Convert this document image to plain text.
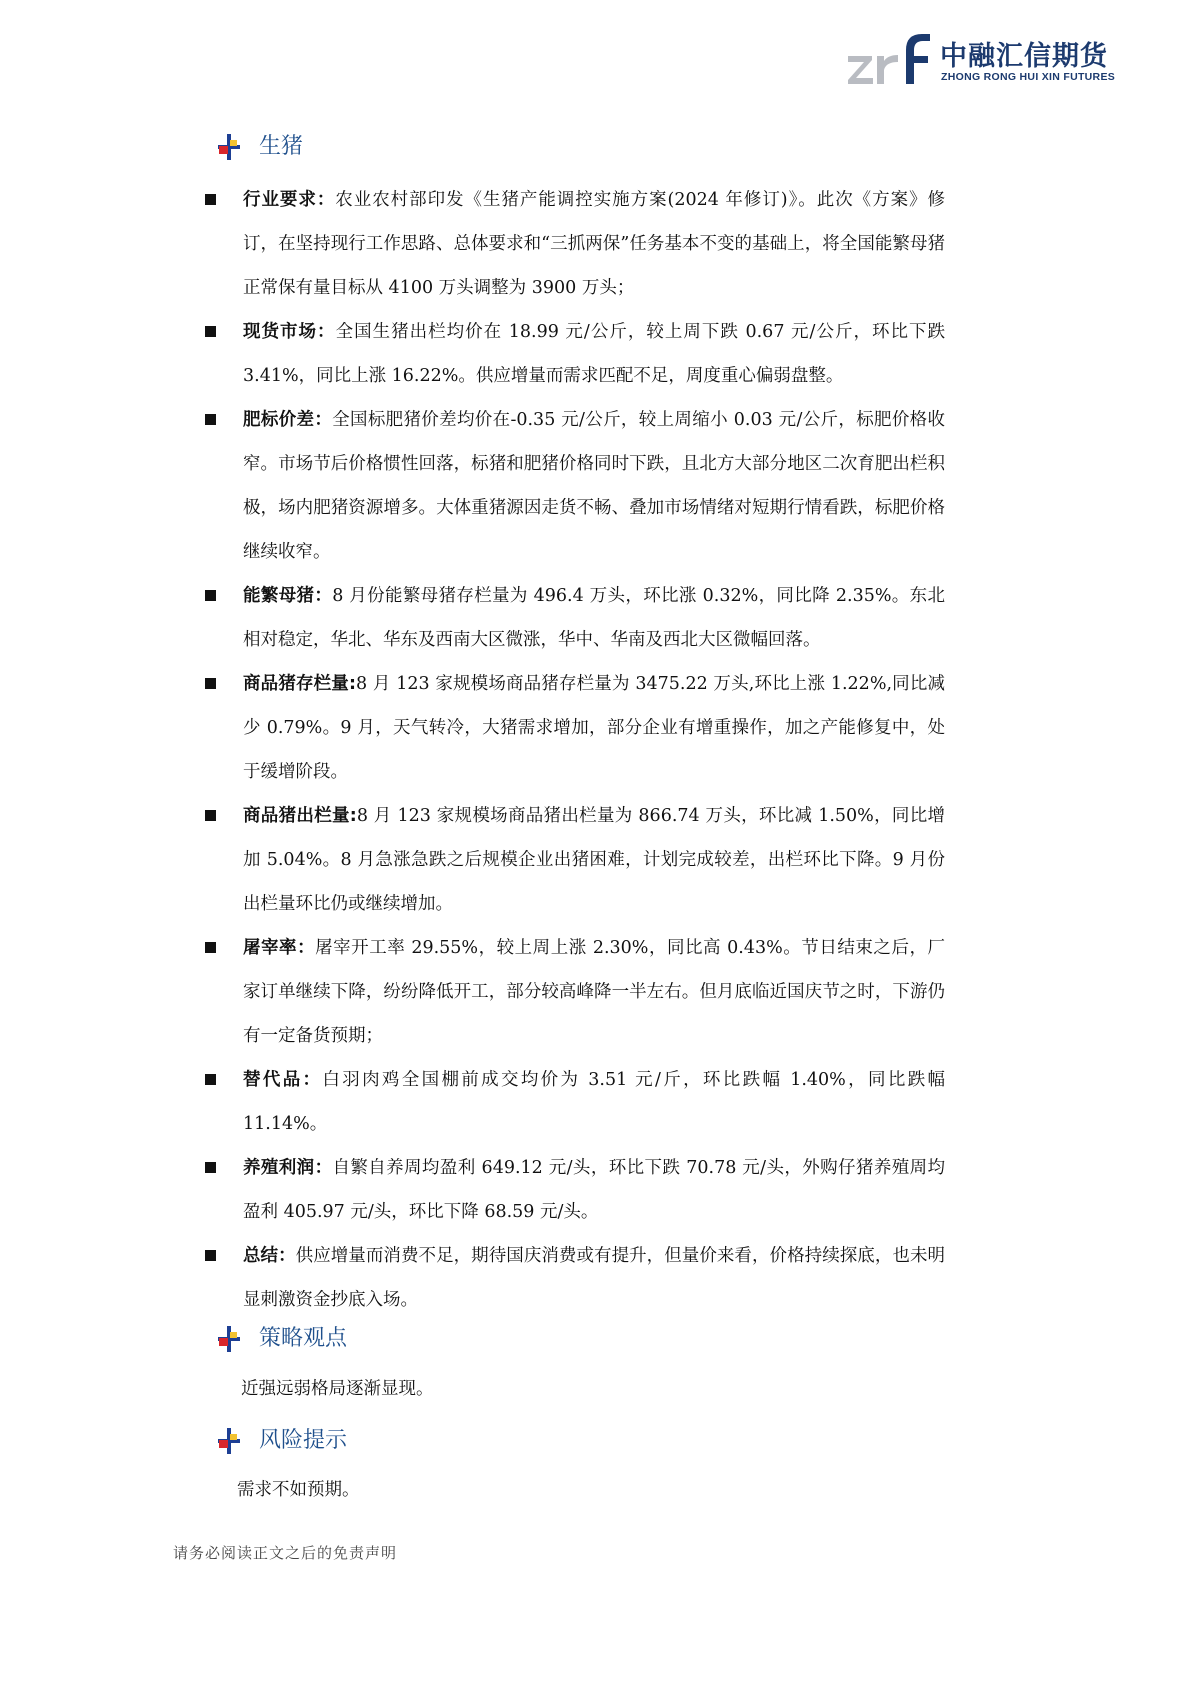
中融汇信期货
ZHONG RONG HUI XIN FUTURES
生猪
行业要求：农业农村部印发《生猪产能调控实施方案(2024 年修订)》。此次《方案》修订，在坚持现行工作思路、总体要求和“三抓两保”任务基本不变的基础上，将全国能繁母猪正常保有量目标从 4100 万头调整为 3900 万头；
现货市场：全国生猪出栏均价在 18.99 元/公斤，较上周下跌 0.67 元/公斤，环比下跌 3.41%，同比上涨 16.22%。供应增量而需求匹配不足，周度重心偏弱盘整。
肥标价差：全国标肥猪价差均价在-0.35 元/公斤，较上周缩小 0.03 元/公斤，标肥价格收窄。市场节后价格惯性回落，标猪和肥猪价格同时下跌，且北方大部分地区二次育肥出栏积极，场内肥猪资源增多。大体重猪源因走货不畅、叠加市场情绪对短期行情看跌，标肥价格继续收窄。
能繁母猪：8 月份能繁母猪存栏量为 496.4 万头，环比涨 0.32%，同比降 2.35%。东北相对稳定，华北、华东及西南大区微涨，华中、华南及西北大区微幅回落。
商品猪存栏量:8 月 123 家规模场商品猪存栏量为 3475.22 万头,环比上涨 1.22%,同比减少 0.79%。9 月，天气转冷，大猪需求增加，部分企业有增重操作，加之产能修复中，处于缓增阶段。
商品猪出栏量:8 月 123 家规模场商品猪出栏量为 866.74 万头，环比减 1.50%，同比增加 5.04%。8 月急涨急跌之后规模企业出猪困难，计划完成较差，出栏环比下降。9 月份出栏量环比仍或继续增加。
屠宰率：屠宰开工率 29.55%，较上周上涨 2.30%，同比高 0.43%。节日结束之后，厂家订单继续下降，纷纷降低开工，部分较高峰降一半左右。但月底临近国庆节之时，下游仍有一定备货预期；
替代品：白羽肉鸡全国棚前成交均价为 3.51 元/斤，环比跌幅 1.40%，同比跌幅 11.14%。
养殖利润：自繁自养周均盈利 649.12 元/头，环比下跌 70.78 元/头，外购仔猪养殖周均盈利 405.97 元/头，环比下降 68.59 元/头。
总结：供应增量而消费不足，期待国庆消费或有提升，但量价来看，价格持续探底，也未明显刺激资金抄底入场。
策略观点
近强远弱格局逐渐显现。
风险提示
需求不如预期。
请务必阅读正文之后的免责声明
